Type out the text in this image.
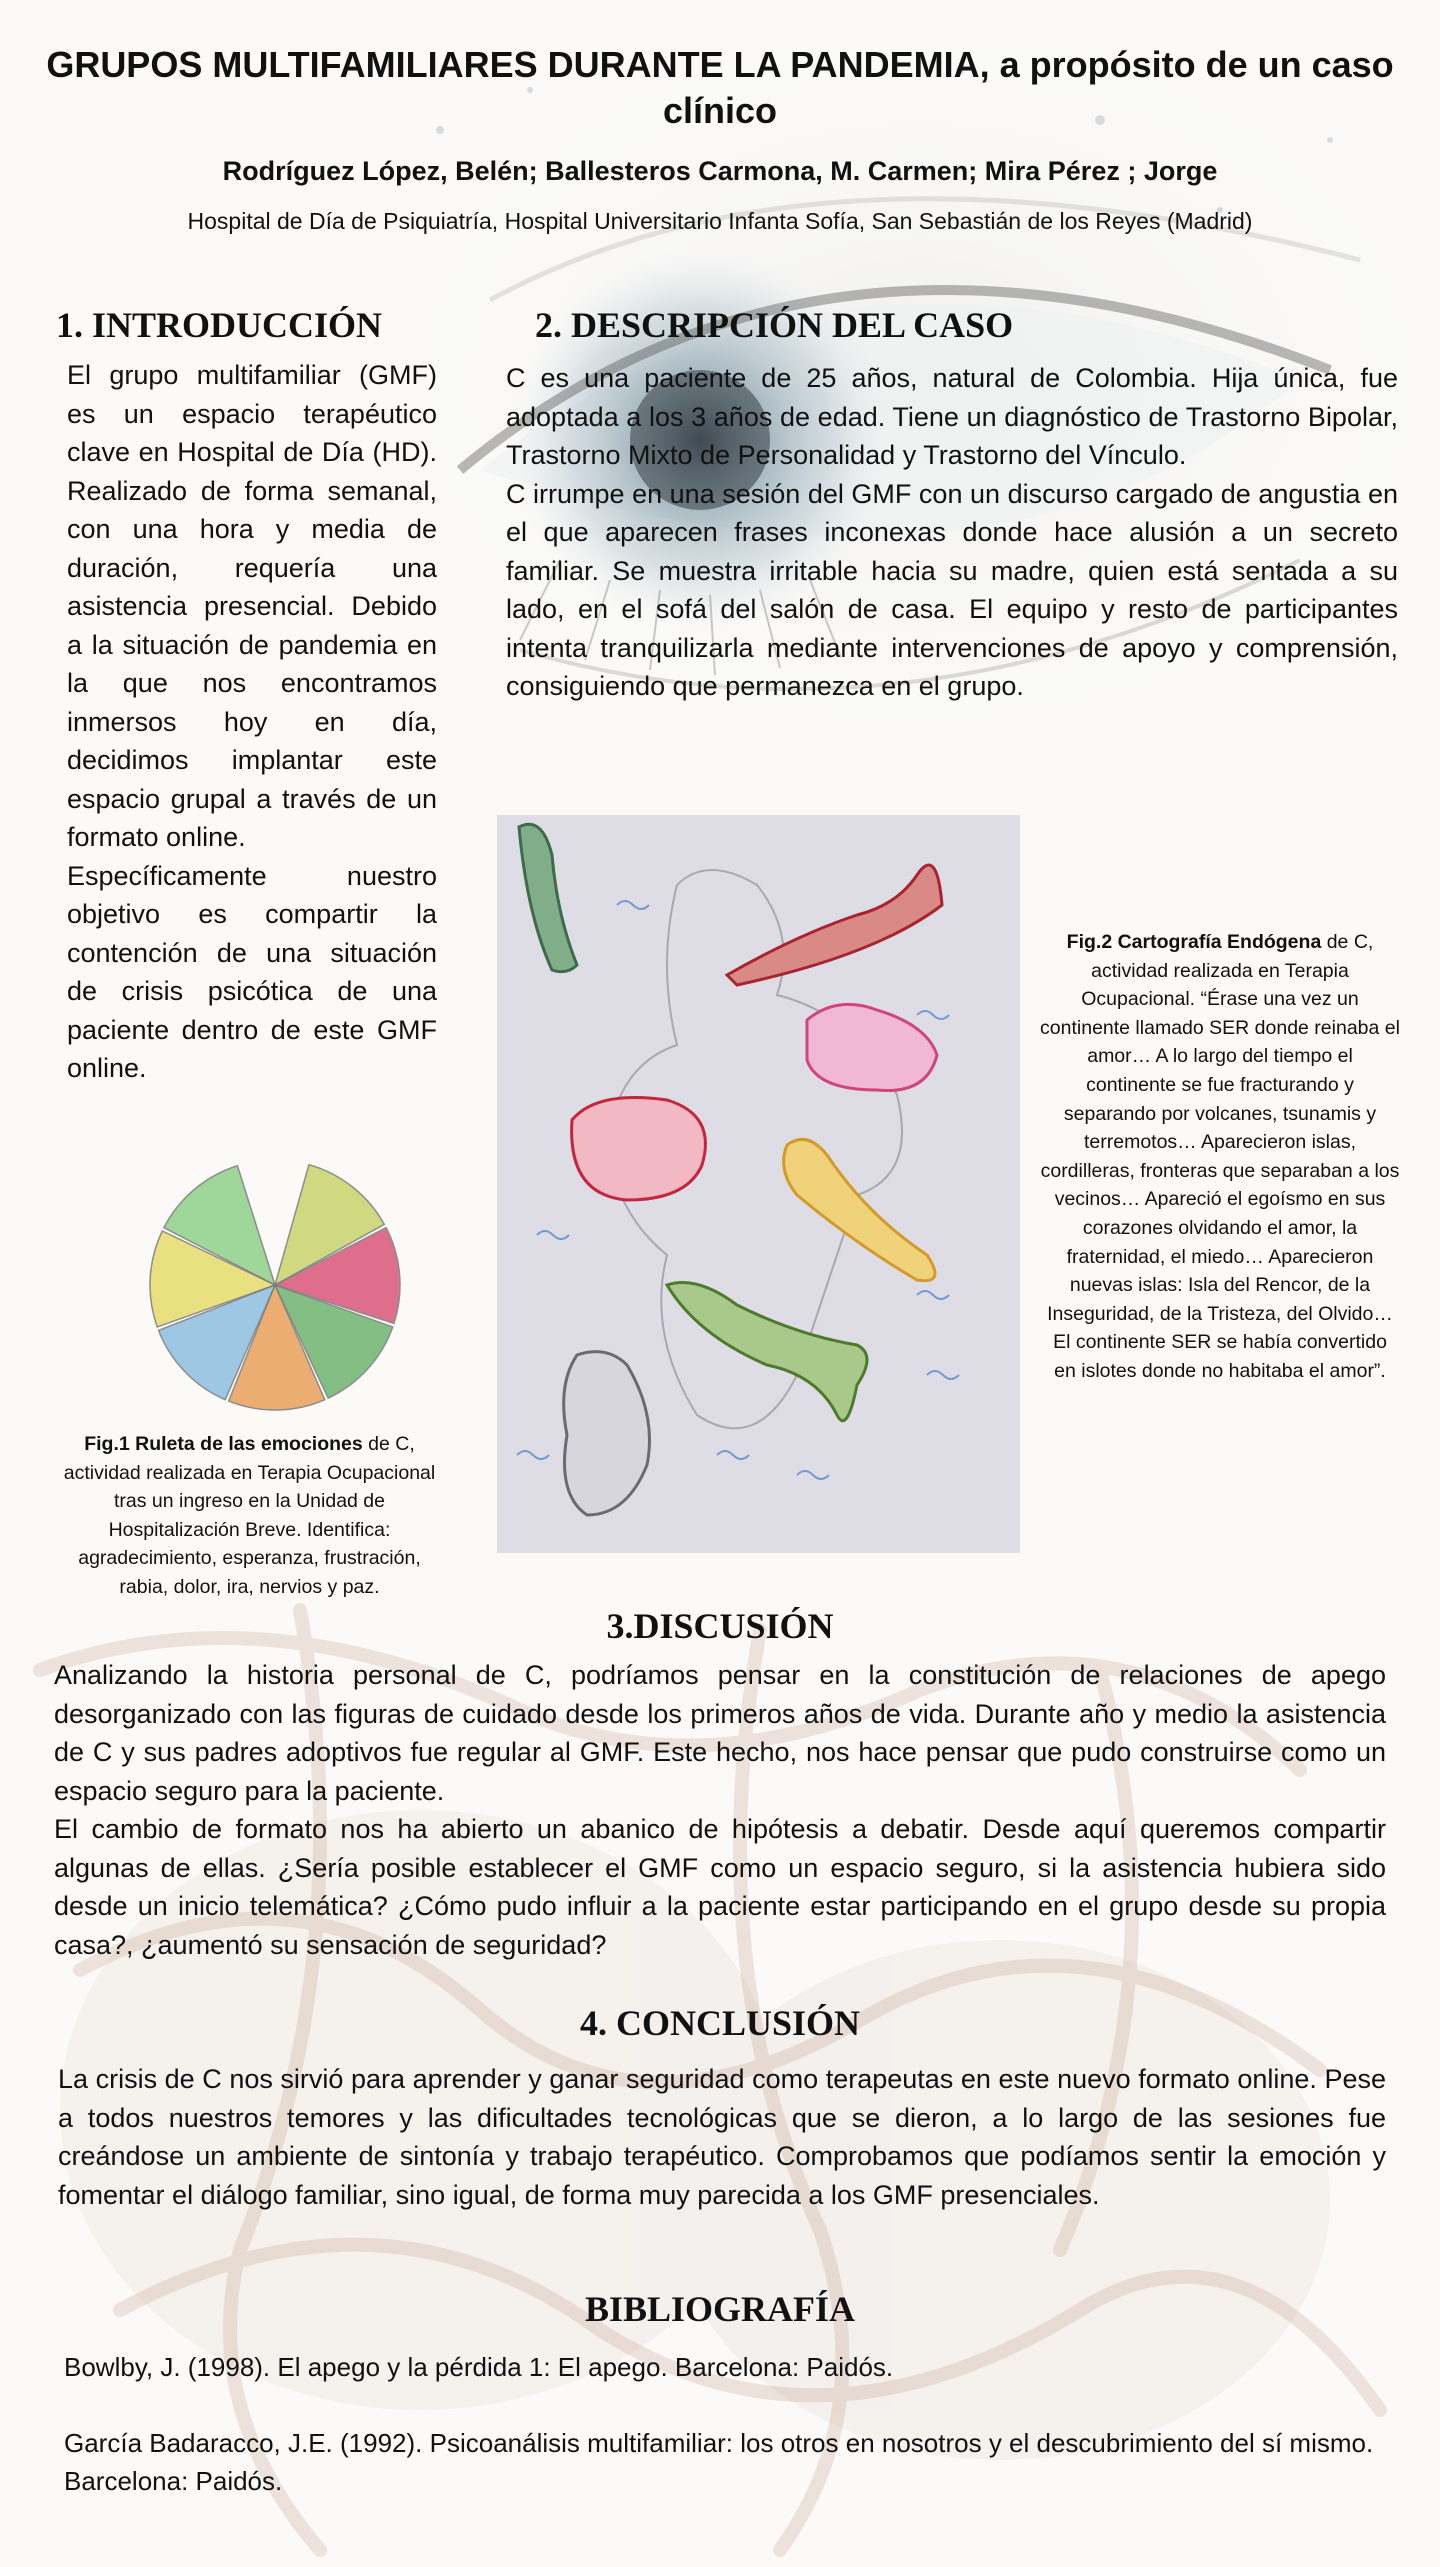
GRUPOS MULTIFAMILIARES DURANTE LA PANDEMIA, a propósito de un caso clínico
Rodríguez López, Belén; Ballesteros Carmona, M. Carmen; Mira Pérez ; Jorge
Hospital de Día de Psiquiatría, Hospital Universitario Infanta Sofía, San Sebastián de los Reyes (Madrid)
1. INTRODUCCIÓN

El grupo multifamiliar (GMF) es un espacio terapéutico clave en Hospital de Día (HD). Realizado de forma semanal, con una hora y media de duración, requería una asistencia presencial. Debido a la situación de pandemia en la que nos encontramos inmersos hoy en día, decidimos implantar este espacio grupal a través de un formato online.

Específicamente nuestro objetivo es compartir la contención de una situación de crisis psicótica de una paciente dentro de este GMF online.

2. DESCRIPCIÓN DEL CASO

C es una paciente de 25 años, natural de Colombia. Hija única, fue adoptada a los 3 años de edad. Tiene un diagnóstico de Trastorno Bipolar, Trastorno Mixto de Personalidad y Trastorno del Vínculo.

C irrumpe en una sesión del GMF con un discurso cargado de angustia en el que aparecen frases inconexas donde hace alusión a un secreto familiar. Se muestra irritable hacia su madre, quien está sentada a su lado, en el sofá del salón de casa. El equipo y resto de participantes intenta tranquilizarla mediante intervenciones de apoyo y comprensión, consiguiendo que permanezca en el grupo.

Fig.1 Ruleta de las emociones de C, actividad realizada en Terapia Ocupacional tras un ingreso en la Unidad de Hospitalización Breve. Identifica: agradecimiento, esperanza, frustración, rabia, dolor, ira, nervios y paz.
Fig.2 Cartografía Endógena de C, actividad realizada en Terapia Ocupacional. “Érase una vez un continente llamado SER donde reinaba el amor… A lo largo del tiempo el continente se fue fracturando y separando por volcanes, tsunamis y terremotos… Aparecieron islas, cordilleras, fronteras que separaban a los vecinos… Apareció el egoísmo en sus corazones olvidando el amor, la fraternidad, el miedo… Aparecieron nuevas islas: Isla del Rencor, de la Inseguridad, de la Tristeza, del Olvido… El continente SER se había convertido en islotes donde no habitaba el amor”.
3.DISCUSIÓN

Analizando la historia personal de C, podríamos pensar en la constitución de relaciones de apego desorganizado con las figuras de cuidado desde los primeros años de vida. Durante año y medio la asistencia de C y sus padres adoptivos fue regular al GMF. Este hecho, nos hace pensar que pudo construirse como un espacio seguro para la paciente.

El cambio de formato nos ha abierto un abanico de hipótesis a debatir. Desde aquí queremos compartir algunas de ellas. ¿Sería posible establecer el GMF como un espacio seguro, si la asistencia hubiera sido desde un inicio telemática? ¿Cómo pudo influir a la paciente estar participando en el grupo desde su propia casa?, ¿aumentó su sensación de seguridad?

4. CONCLUSIÓN

La crisis de C nos sirvió para aprender y ganar seguridad como terapeutas en este nuevo formato online. Pese a todos nuestros temores y las dificultades tecnológicas que se dieron, a lo largo de las sesiones fue creándose un ambiente de sintonía y trabajo terapéutico. Comprobamos que podíamos sentir la emoción y fomentar el diálogo familiar, sino igual, de forma muy parecida a los GMF presenciales.

BIBLIOGRAFÍA

Bowlby, J. (1998). El apego y la pérdida 1: El apego. Barcelona: Paidós.

García Badaracco, J.E. (1992). Psicoanálisis multifamiliar: los otros en nosotros y el descubrimiento del sí mismo. Barcelona: Paidós.
